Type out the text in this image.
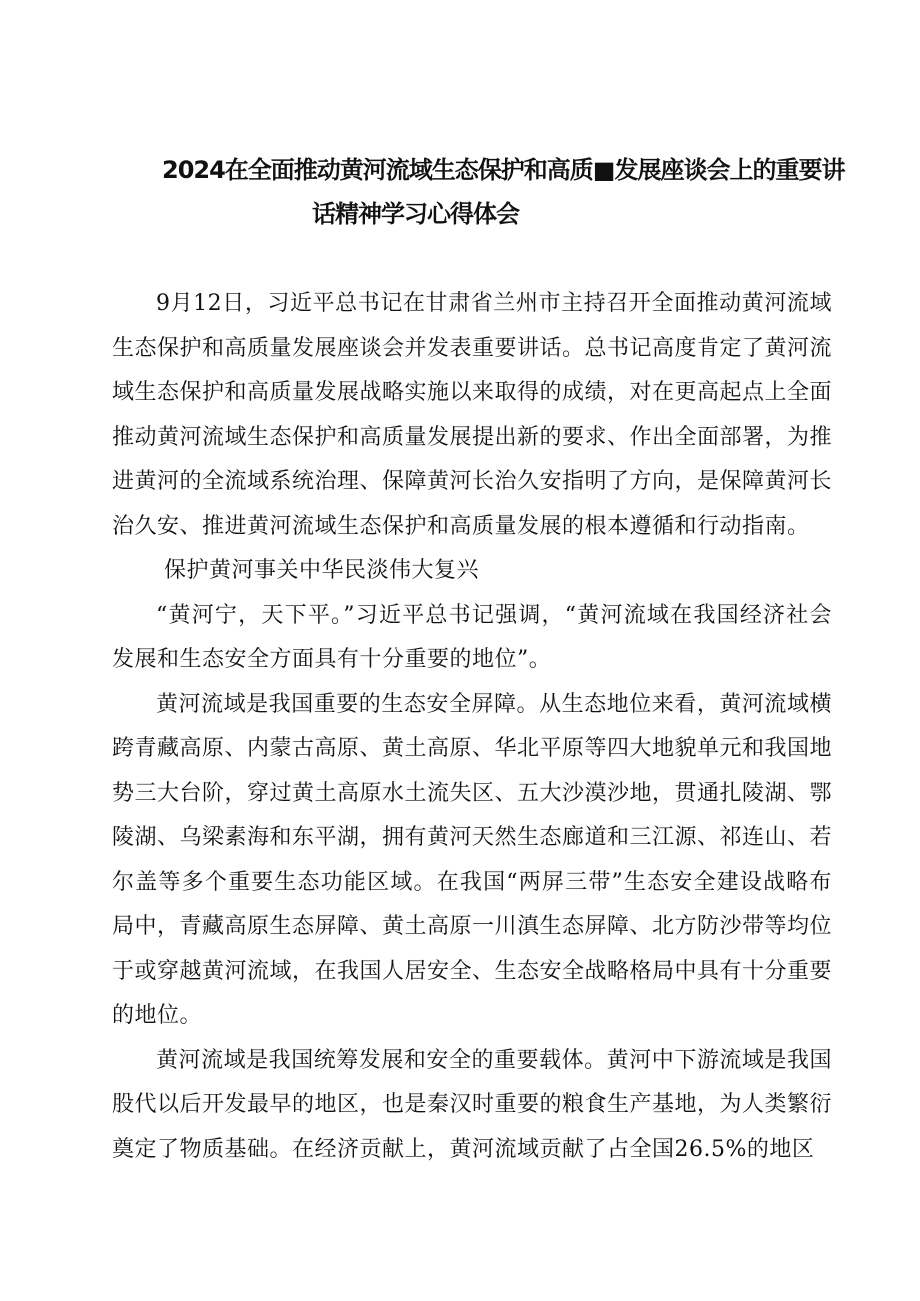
2024在全面推动黄河流域生态保护和高质■发展座谈会上的重要讲
话精神学习心得体会

9月12日，习近平总书记在甘肃省兰州市主持召开全面推动黄河流域生态保护和高质量发展座谈会并发表重要讲话。总书记高度肯定了黄河流域生态保护和高质量发展战略实施以来取得的成绩，对在更高起点上全面推动黄河流域生态保护和高质量发展提出新的要求、作出全面部署，为推进黄河的全流域系统治理、保障黄河长治久安指明了方向，是保障黄河长治久安、推进黄河流域生态保护和高质量发展的根本遵循和行动指南。

保护黄河事关中华民淡伟大复兴

“黄河宁，天下平。”习近平总书记强调，“黄河流域在我国经济社会发展和生态安全方面具有十分重要的地位”。

黄河流域是我国重要的生态安全屏障。从生态地位来看，黄河流域横跨青藏高原、内蒙古高原、黄土高原、华北平原等四大地貌单元和我国地势三大台阶，穿过黄土高原水土流失区、五大沙漠沙地，贯通扎陵湖、鄂陵湖、乌梁素海和东平湖，拥有黄河天然生态廊道和三江源、祁连山、若尔盖等多个重要生态功能区域。在我国“两屏三带”生态安全建设战略布局中，青藏高原生态屏障、黄土高原一川滇生态屏障、北方防沙带等均位于或穿越黄河流域，在我国人居安全、生态安全战略格局中具有十分重要的地位。

黄河流域是我国统筹发展和安全的重要载体。黄河中下游流域是我国股代以后开发最早的地区，也是秦汉时重要的粮食生产基地，为人类繁衍奠定了物质基础。在经济贡献上，黄河流域贡献了占全国26.5%的地区
